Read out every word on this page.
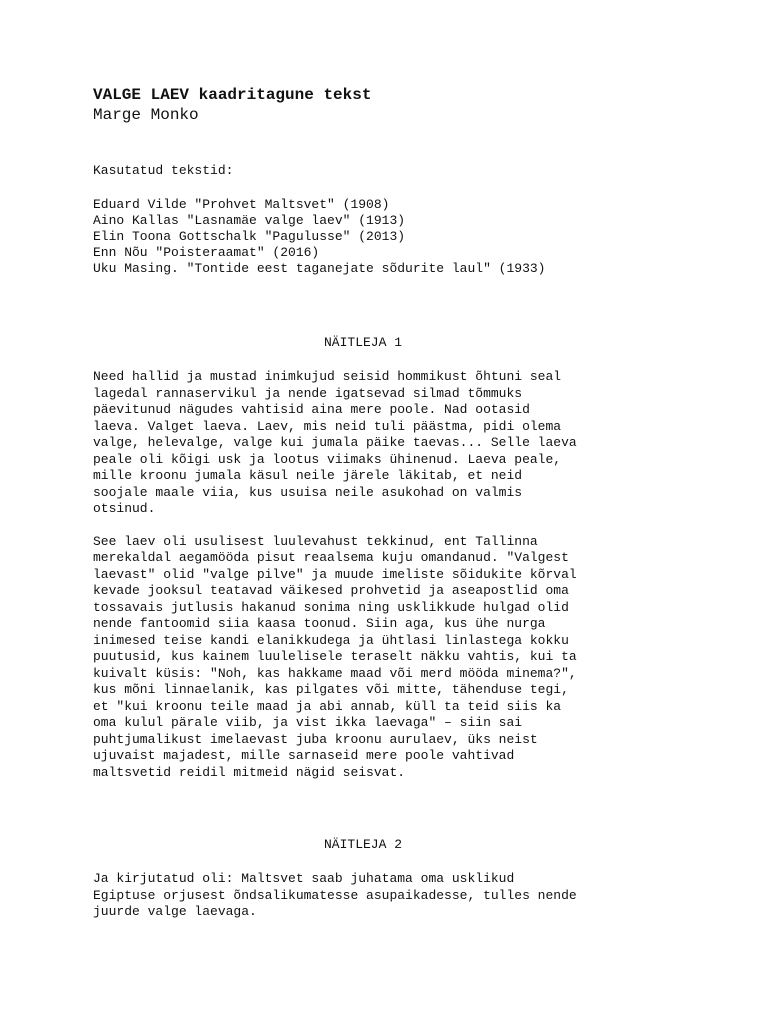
VALGE LAEV kaadritagune tekst

Marge Monko

Kasutatud tekstid:

Eduard Vilde "Prohvet Maltsvet" (1908)
Aino Kallas "Lasnamäe valge laev" (1913)
Elin Toona Gottschalk "Pagulusse" (2013)
Enn Nõu "Poisteraamat" (2016)
Uku Masing. "Tontide eest taganejate sõdurite laul" (1933)

NÄITLEJA 1

Need hallid ja mustad inimkujud seisid hommikust õhtuni seal
lagedal rannaservikul ja nende igatsevad silmad tõmmuks
päevitunud nägudes vahtisid aina mere poole. Nad ootasid
laeva. Valget laeva. Laev, mis neid tuli päästma, pidi olema
valge, helevalge, valge kui jumala päike taevas... Selle laeva
peale oli kõigi usk ja lootus viimaks ühinenud. Laeva peale,
mille kroonu jumala käsul neile järele läkitab, et neid
soojale maale viia, kus usuisa neile asukohad on valmis
otsinud.

See laev oli usulisest luulevahust tekkinud, ent Tallinna
merekaldal aegamööda pisut reaalsema kuju omandanud. "Valgest
laevast" olid "valge pilve" ja muude imeliste sõidukite kõrval
kevade jooksul teatavad väikesed prohvetid ja aseapostlid oma
tossavais jutlusis hakanud sonima ning usklikkude hulgad olid
nende fantoomid siia kaasa toonud. Siin aga, kus ühe nurga
inimesed teise kandi elanikkudega ja ühtlasi linlastega kokku
puutusid, kus kainem luulelisele teraselt näkku vahtis, kui ta
kuivalt küsis: "Noh, kas hakkame maad või merd mööda minema?",
kus mõni linnaelanik, kas pilgates või mitte, tähenduse tegi,
et "kui kroonu teile maad ja abi annab, küll ta teid siis ka
oma kulul pärale viib, ja vist ikka laevaga" – siin sai
puhtjumalikust imelaevast juba kroonu aurulaev, üks neist
ujuvaist majadest, mille sarnaseid mere poole vahtivad
maltsvetid reidil mitmeid nägid seisvat.

NÄITLEJA 2

Ja kirjutatud oli: Maltsvet saab juhatama oma usklikud
Egiptuse orjusest õndsalikumatesse asupaikadesse, tulles nende
juurde valge laevaga.
